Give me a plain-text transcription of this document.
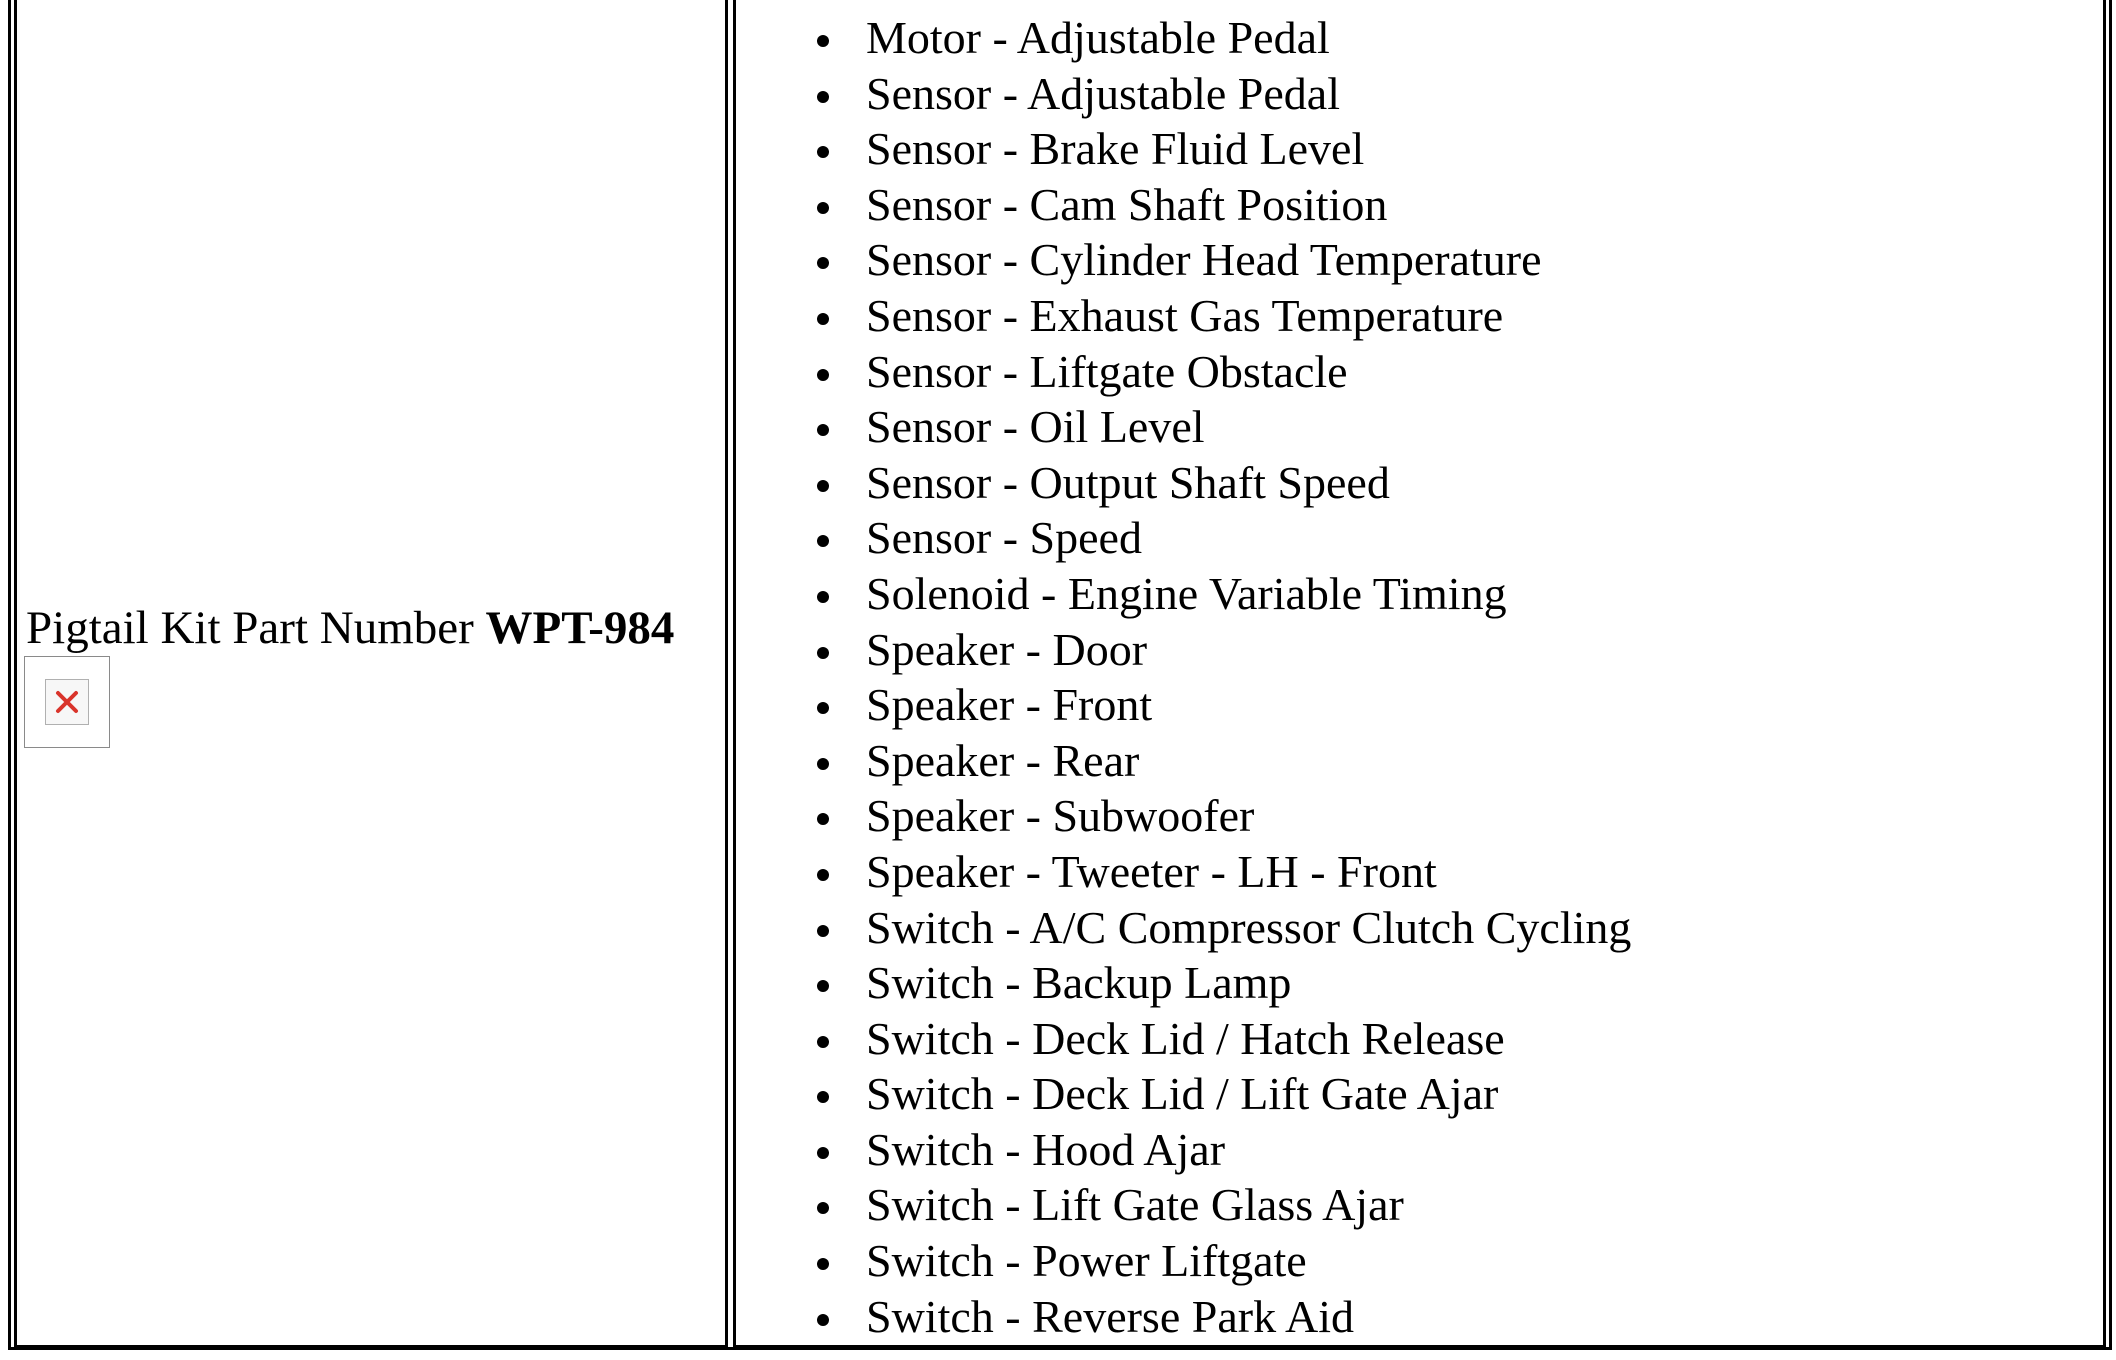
Pigtail Kit Part Number WPT-984
Motor - Adjustable Pedal
Sensor - Adjustable Pedal
Sensor - Brake Fluid Level
Sensor - Cam Shaft Position
Sensor - Cylinder Head Temperature
Sensor - Exhaust Gas Temperature
Sensor - Liftgate Obstacle
Sensor - Oil Level
Sensor - Output Shaft Speed
Sensor - Speed
Solenoid - Engine Variable Timing
Speaker - Door
Speaker - Front
Speaker - Rear
Speaker - Subwoofer
Speaker - Tweeter - LH - Front
Switch - A/C Compressor Clutch Cycling
Switch - Backup Lamp
Switch - Deck Lid / Hatch Release
Switch - Deck Lid / Lift Gate Ajar
Switch - Hood Ajar
Switch - Lift Gate Glass Ajar
Switch - Power Liftgate
Switch - Reverse Park Aid
